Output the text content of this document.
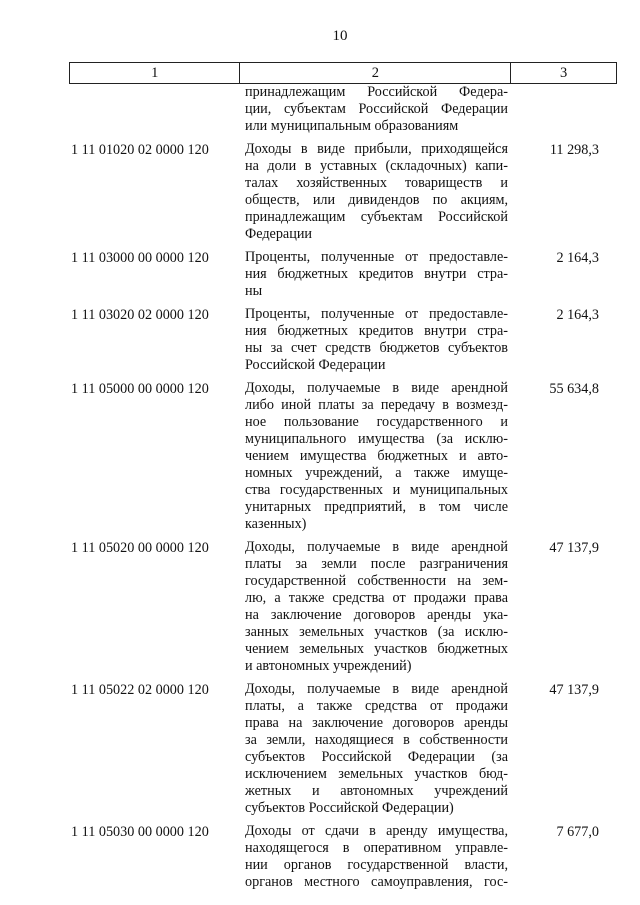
10
1	2	3
принадлежащим Российской Федера-
ции, субъектам Российской Федерации
или муниципальным образованиям
1 11 01020 02 0000 120	Доходы в виде прибыли, приходящейся
на доли в уставных (складочных) капи-
талах хозяйственных товариществ и
обществ, или дивидендов по акциям,
принадлежащим субъектам Российской
Федерации
11 298,3
1 11 03000 00 0000 120	Проценты, полученные от предоставле-
ния бюджетных кредитов внутри стра-
ны
2 164,3
1 11 03020 02 0000 120	Проценты, полученные от предоставле-
ния бюджетных кредитов внутри стра-
ны за счет средств бюджетов субъектов
Российской Федерации
2 164,3
1 11 05000 00 0000 120	Доходы, получаемые в виде арендной
либо иной платы за передачу в возмезд-
ное пользование государственного и
муниципального имущества (за исклю-
чением имущества бюджетных и авто-
номных учреждений, а также имуще-
ства государственных и муниципальных
унитарных предприятий, в том числе
казенных)
55 634,8
1 11 05020 00 0000 120	Доходы, получаемые в виде арендной
платы за земли после разграничения
государственной собственности на зем-
лю, а также средства от продажи права
на заключение договоров аренды ука-
занных земельных участков (за исклю-
чением земельных участков бюджетных
и автономных учреждений)
47 137,9
1 11 05022 02 0000 120	Доходы, получаемые в виде арендной
платы, а также средства от продажи
права на заключение договоров аренды
за земли, находящиеся в собственности
субъектов Российской Федерации (за
исключением земельных участков бюд-
жетных и автономных учреждений
субъектов Российской Федерации)
47 137,9
1 11 05030 00 0000 120	Доходы от сдачи в аренду имущества,
находящегося в оперативном управле-
нии органов государственной власти,
органов местного самоуправления, гос-
7 677,0
